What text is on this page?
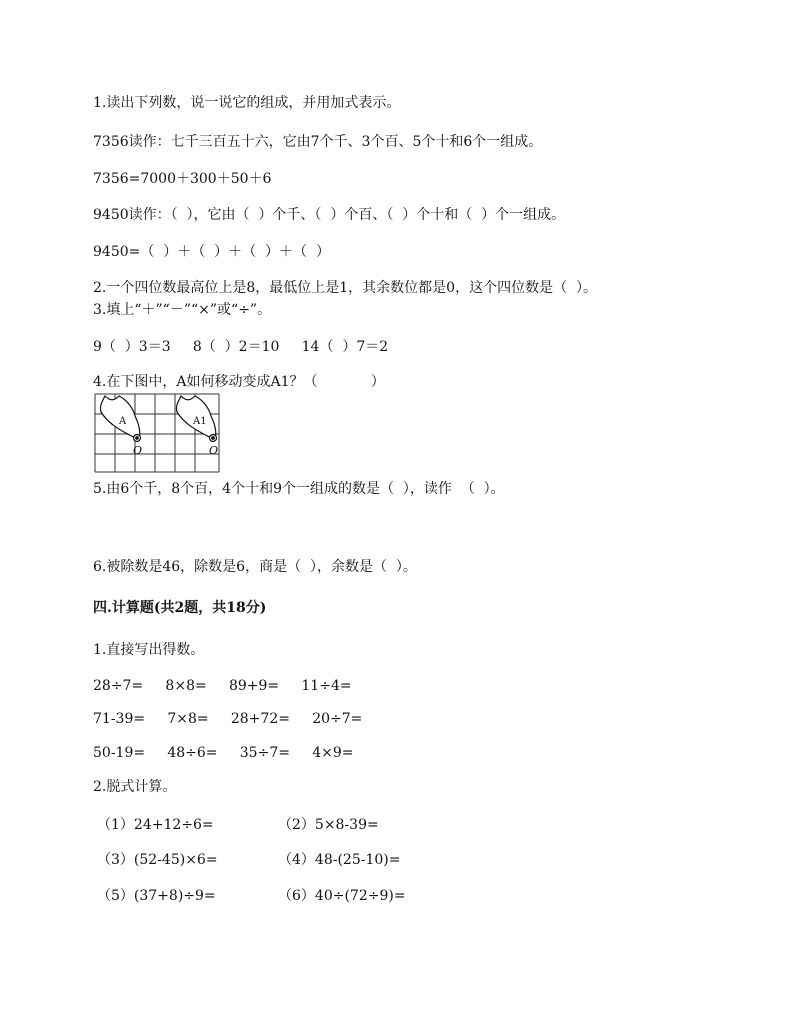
1.读出下列数，说一说它的组成，并用加式表示。
7356读作：七千三百五十六，它由7个千、3个百、5个十和6个一组成。
7356=7000＋300＋50＋6
9450读作：（  ），它由（  ）个千、（  ）个百、（  ）个十和（  ）个一组成。
9450=（  ）＋（  ）＋（  ）＋（  ）
2.一个四位数最高位上是8，最低位上是1，其余数位都是0，这个四位数是（  ）。
3.填上“＋”“－”“×”或“÷”。
9（  ）3＝3     8（  ）2＝10     14（  ）7＝2
4.在下图中，A如何移动变成A1？（            ）
A	A1
O	O
5.由6个千，8个百，4个十和9个一组成的数是（  ），读作  （  ）。
6.被除数是46，除数是6，商是（  ），余数是（  ）。
四.计算题(共2题，共18分)
1.直接写出得数。
28÷7=     8×8=     89+9=     11÷4=
71-39=     7×8=     28+72=     20÷7=
50-19=     48÷6=     35÷7=     4×9=
2.脱式计算。
（1）24+12÷6=	（2）5×8-39=
（3）(52-45)×6=	（4）48-(25-10)=
（5）(37+8)÷9=	（6）40÷(72÷9)=
